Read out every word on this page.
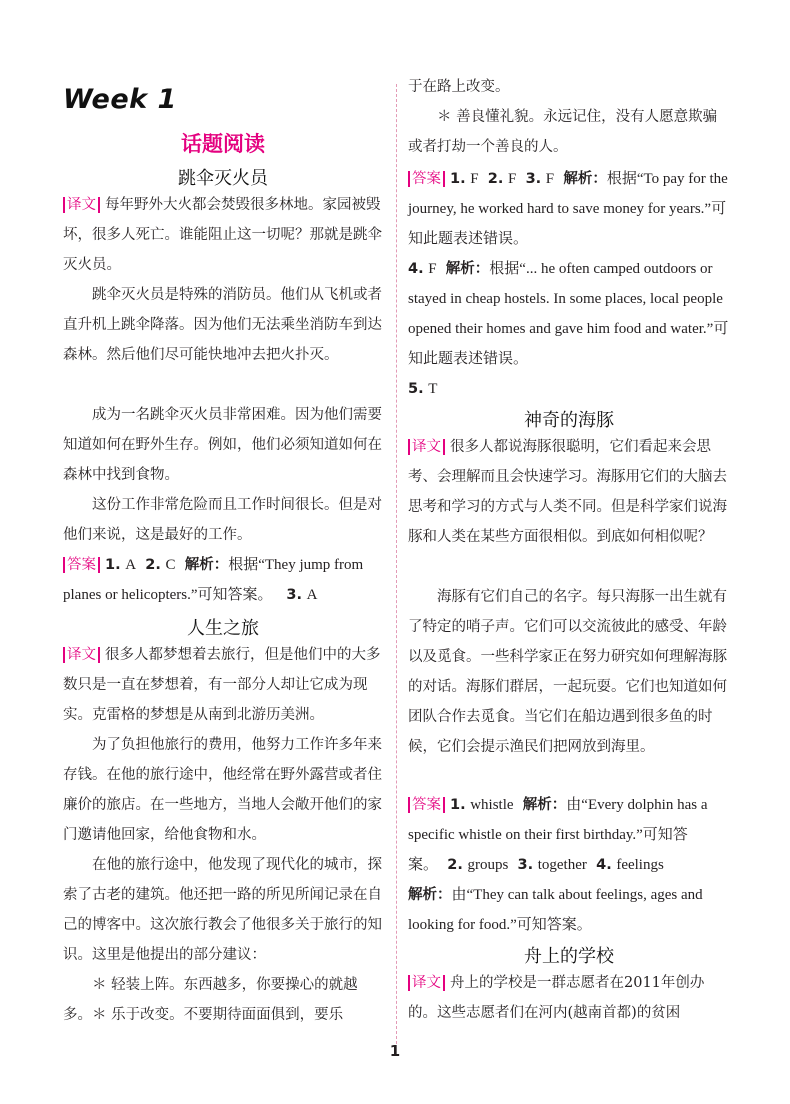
Week 1
话题阅读
跳伞灭火员

译文 每年野外大火都会焚毁很多林地。家园被毁坏，很多人死亡。谁能阻止这一切呢？那就是跳伞灭火员。

跳伞灭火员是特殊的消防员。他们从飞机或者直升机上跳伞降落。因为他们无法乘坐消防车到达森林。然后他们尽可能快地冲去把火扑灭。

成为一名跳伞灭火员非常困难。因为他们需要知道如何在野外生存。例如，他们必须知道如何在森林中找到食物。

这份工作非常危险而且工作时间很长。但是对他们来说，这是最好的工作。

答案 1. A 2. C 解析：根据“They jump from planes or helicopters.”可知答案。 3. A

人生之旅

译文 很多人都梦想着去旅行，但是他们中的大多数只是一直在梦想着，有一部分人却让它成为现实。克雷格的梦想是从南到北游历美洲。

为了负担他旅行的费用，他努力工作许多年来存钱。在他的旅行途中，他经常在野外露营或者住廉价的旅店。在一些地方，当地人会敞开他们的家门邀请他回家，给他食物和水。

在他的旅行途中，他发现了现代化的城市，探索了古老的建筑。他还把一路的所见所闻记录在自己的博客中。这次旅行教会了他很多关于旅行的知识。这里是他提出的部分建议：

＊ 轻装上阵。东西越多，你要操心的就越多。 ＊ 乐于改变。不要期待面面俱到，要乐

于在路上改变。

＊ 善良懂礼貌。永远记住，没有人愿意欺骗或者打劫一个善良的人。

答案 1. F 2. F 3. F 解析：根据“To pay for the journey, he worked hard to save money for years.”可知此题表述错误。
4. F 解析：根据“... he often camped outdoors or stayed in cheap hostels. In some places, local people opened their homes and gave him food and water.”可知此题表述错误。
5. T

神奇的海豚

译文 很多人都说海豚很聪明，它们看起来会思考、会理解而且会快速学习。海豚用它们的大脑去思考和学习的方式与人类不同。但是科学家们说海豚和人类在某些方面很相似。到底如何相似呢？

海豚有它们自己的名字。每只海豚一出生就有了特定的哨子声。它们可以交流彼此的感受、年龄以及觅食。一些科学家正在努力研究如何理解海豚的对话。海豚们群居，一起玩耍。它们也知道如何团队合作去觅食。当它们在船边遇到很多鱼的时候，它们会提示渔民们把网放到海里。

答案 1. whistle 解析：由“Every dolphin has a specific whistle on their first birthday.”可知答案。 2. groups 3. together 4. feelings
解析：由“They can talk about feelings, ages and looking for food.”可知答案。

舟上的学校

译文 舟上的学校是一群志愿者在2011年创办的。这些志愿者们在河内(越南首都)的贫困

1
